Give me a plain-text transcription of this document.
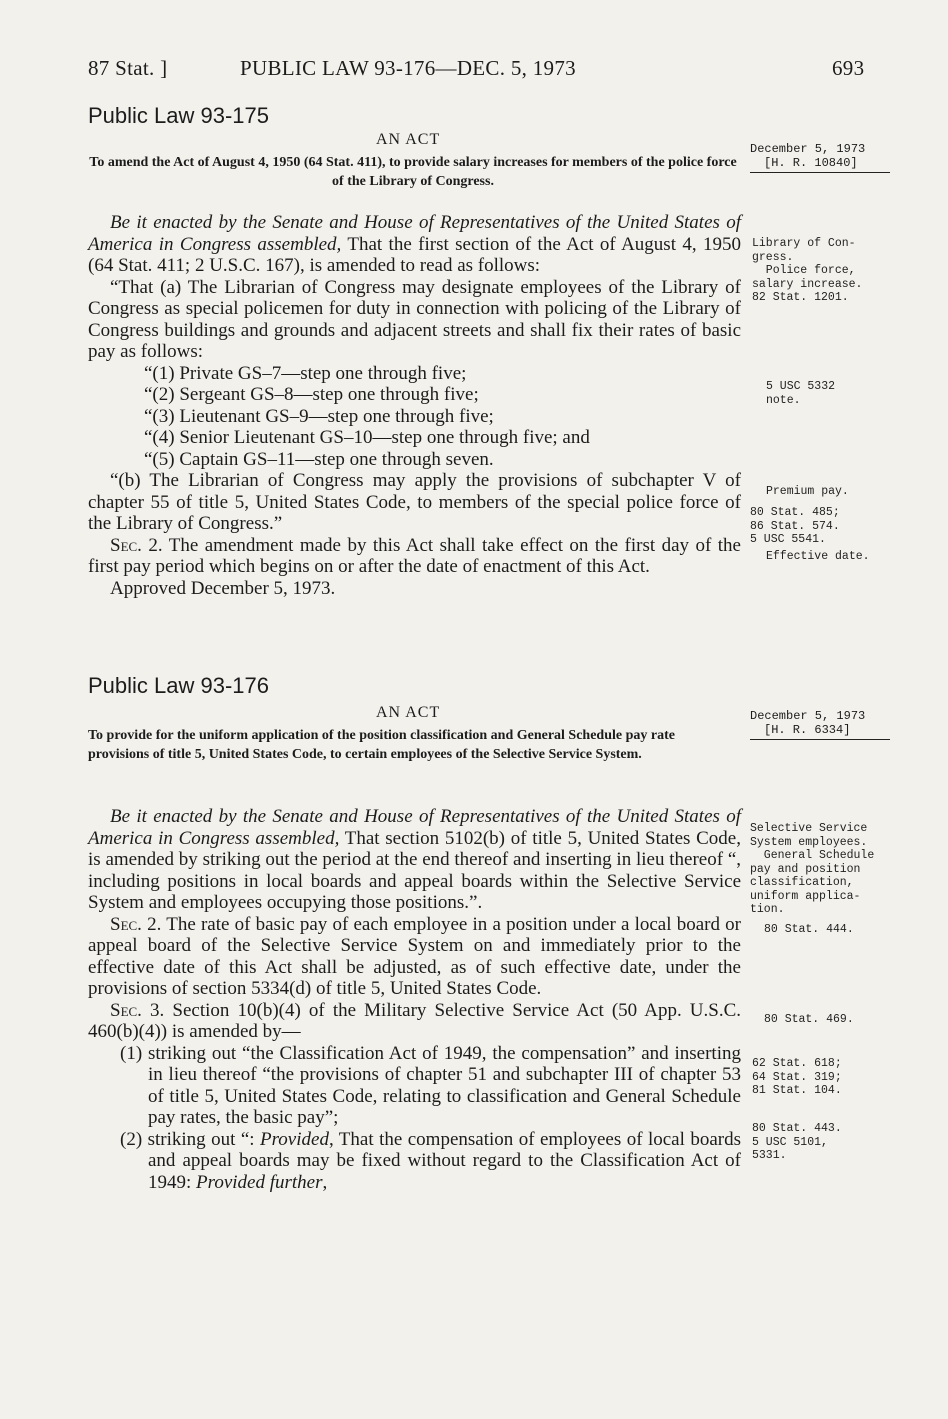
87 Stat. ]	PUBLIC LAW 93-176—DEC. 5, 1973	693
Public Law 93-175
AN ACT
To amend the Act of August 4, 1950 (64 Stat. 411), to provide salary increases for members of the police force of the Library of Congress.
December 5, 1973
[H. R. 10840]

Be it enacted by the Senate and House of Representatives of the United States of America in Congress assembled, That the first section of the Act of August 4, 1950 (64 Stat. 411; 2 U.S.C. 167), is amended to read as follows:

“That (a) The Librarian of Congress may designate employees of the Library of Congress as special policemen for duty in connection with policing of the Library of Congress buildings and grounds and adjacent streets and shall fix their rates of basic pay as follows:

“(1) Private GS–7—step one through five;

“(2) Sergeant GS–8—step one through five;

“(3) Lieutenant GS–9—step one through five;

“(4) Senior Lieutenant GS–10—step one through five; and

“(5) Captain GS–11—step one through seven.

“(b) The Librarian of Congress may apply the provisions of subchapter V of chapter 55 of title 5, United States Code, to members of the special police force of the Library of Congress.”

Sec. 2. The amendment made by this Act shall take effect on the first day of the first pay period which begins on or after the date of enactment of this Act.

Approved December 5, 1973.

Library of Con-
gress.
Police force,
salary increase.
82 Stat. 1201.
5 USC 5332
note.
Premium pay.
80 Stat. 485;
86 Stat. 574.
5 USC 5541.
Effective date.
Public Law 93-176
AN ACT
To provide for the uniform application of the position classification and General Schedule pay rate provisions of title 5, United States Code, to certain employees of the Selective Service System.
December 5, 1973
[H. R. 6334]

Be it enacted by the Senate and House of Representatives of the United States of America in Congress assembled, That section 5102(b) of title 5, United States Code, is amended by striking out the period at the end thereof and inserting in lieu thereof “, including positions in local boards and appeal boards within the Selective Service System and employees occupying those positions.”.

Sec. 2. The rate of basic pay of each employee in a position under a local board or appeal board of the Selective Service System on and immediately prior to the effective date of this Act shall be adjusted, as of such effective date, under the provisions of section 5334(d) of title 5, United States Code.

Sec. 3. Section 10(b)(4) of the Military Selective Service Act (50 App. U.S.C. 460(b)(4)) is amended by—

(1) striking out “the Classification Act of 1949, the compensation” and inserting in lieu thereof “the provisions of chapter 51 and subchapter III of chapter 53 of title 5, United States Code, relating to classification and General Schedule pay rates, the basic pay”;

(2) striking out “: Provided, That the compensation of employees of local boards and appeal boards may be fixed without regard to the Classification Act of 1949: Provided further,

Selective Service
System employees.
General Schedule
pay and position
classification,
uniform applica-
tion.
80 Stat. 444.
80 Stat. 469.
62 Stat. 618;
64 Stat. 319;
81 Stat. 104.
80 Stat. 443.
5 USC 5101,
5331.
